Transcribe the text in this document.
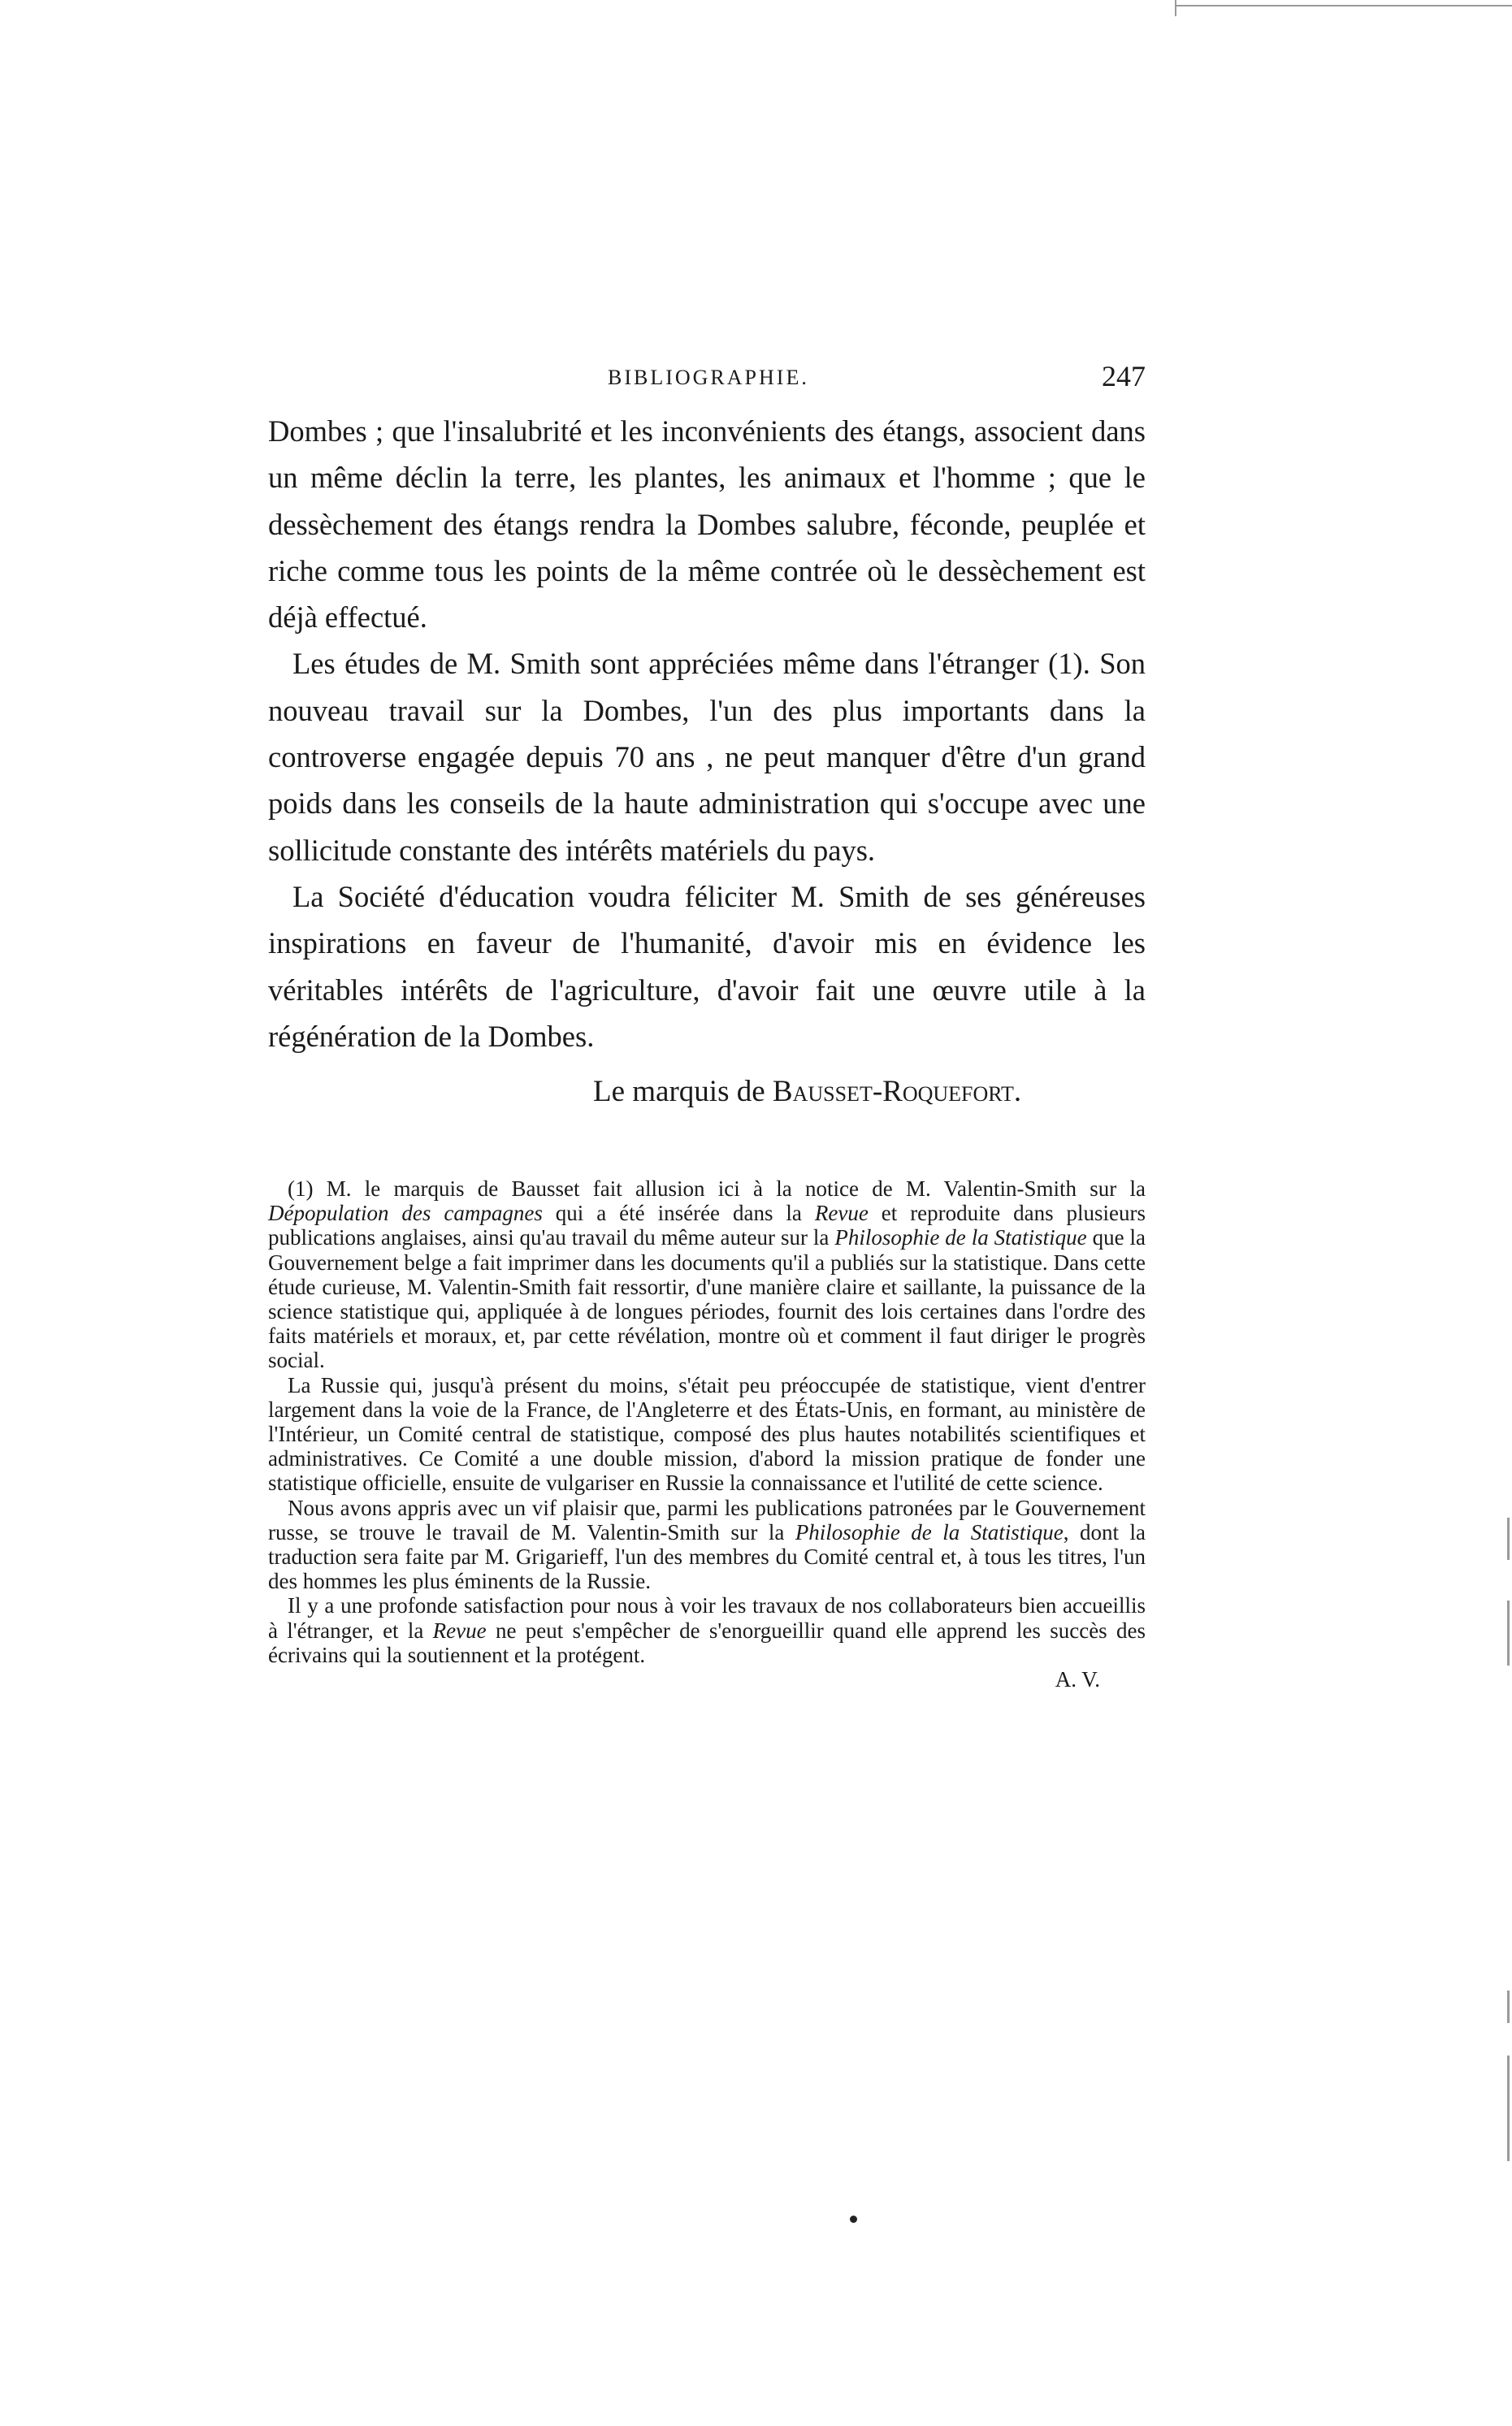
BIBLIOGRAPHIE.	247

Dombes ; que l'insalubrité et les inconvénients des étangs, associent dans un même déclin la terre, les plantes, les animaux et l'homme ; que le dessèchement des étangs rendra la Dombes salubre, féconde, peuplée et riche comme tous les points de la même contrée où le dessèchement est déjà effectué.

Les études de M. Smith sont appréciées même dans l'étranger (1). Son nouveau travail sur la Dombes, l'un des plus importants dans la controverse engagée depuis 70 ans , ne peut manquer d'être d'un grand poids dans les conseils de la haute administration qui s'occupe avec une sollicitude constante des intérêts matériels du pays.

La Société d'éducation voudra féliciter M. Smith de ses généreuses inspirations en faveur de l'humanité, d'avoir mis en évidence les véritables intérêts de l'agriculture, d'avoir fait une œuvre utile à la régénération de la Dombes.

Le marquis de Bausset-Roquefort.

(1) M. le marquis de Bausset fait allusion ici à la notice de M. Valentin-Smith sur la Dépopulation des campagnes qui a été insérée dans la Revue et reproduite dans plusieurs publications anglaises, ainsi qu'au travail du même auteur sur la Philosophie de la Statistique que la Gouvernement belge a fait imprimer dans les documents qu'il a publiés sur la statistique. Dans cette étude curieuse, M. Valentin-Smith fait ressortir, d'une manière claire et saillante, la puissance de la science statistique qui, appliquée à de longues périodes, fournit des lois certaines dans l'ordre des faits matériels et moraux, et, par cette révélation, montre où et comment il faut diriger le progrès social.

La Russie qui, jusqu'à présent du moins, s'était peu préoccupée de statistique, vient d'entrer largement dans la voie de la France, de l'Angleterre et des États-Unis, en formant, au ministère de l'Intérieur, un Comité central de statistique, composé des plus hautes notabilités scientifiques et administratives. Ce Comité a une double mission, d'abord la mission pratique de fonder une statistique officielle, ensuite de vulgariser en Russie la connaissance et l'utilité de cette science.

Nous avons appris avec un vif plaisir que, parmi les publications patronées par le Gouvernement russe, se trouve le travail de M. Valentin-Smith sur la Philosophie de la Statistique, dont la traduction sera faite par M. Grigarieff, l'un des membres du Comité central et, à tous les titres, l'un des hommes les plus éminents de la Russie.

Il y a une profonde satisfaction pour nous à voir les travaux de nos collaborateurs bien accueillis à l'étranger, et la Revue ne peut s'empêcher de s'enorgueillir quand elle apprend les succès des écrivains qui la soutiennent et la protégent.

A. V.
